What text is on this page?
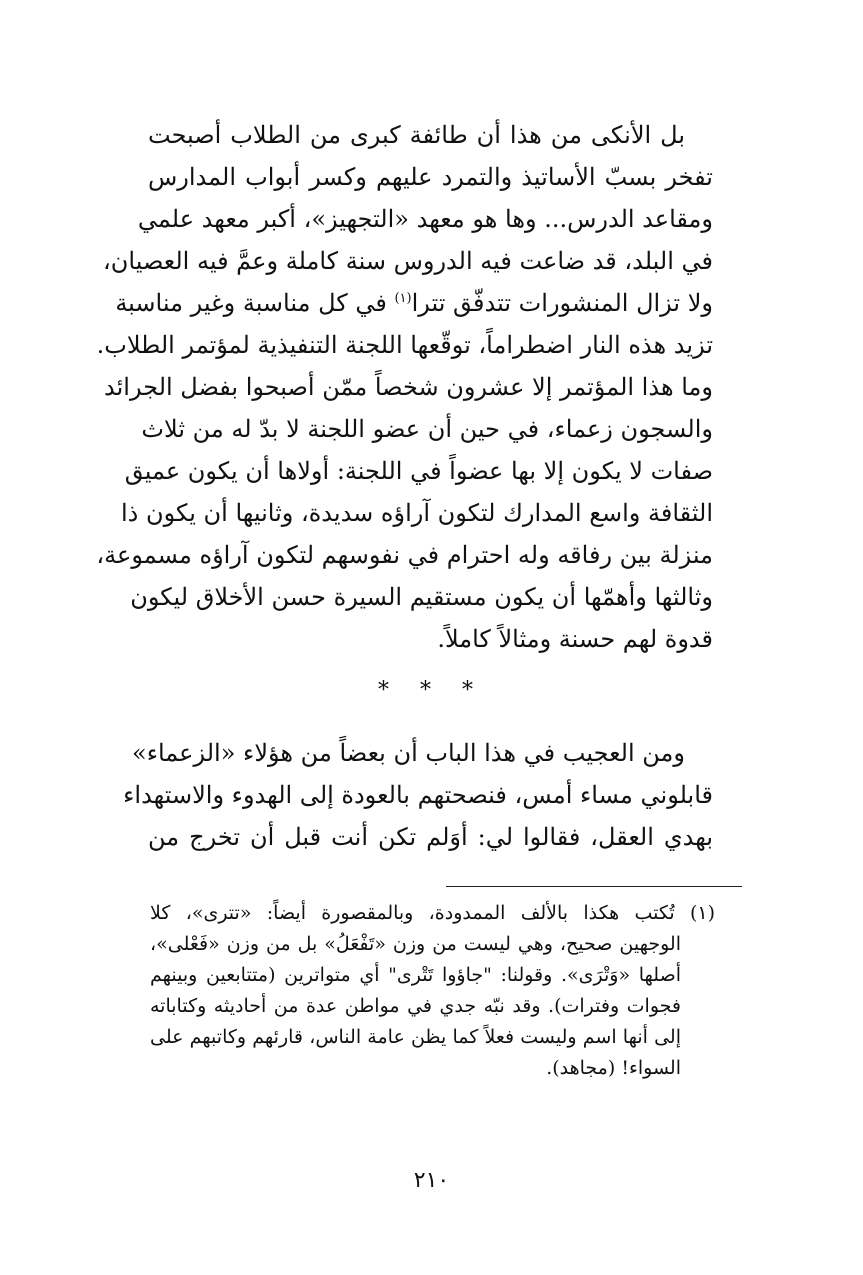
بل الأنكى من هذا أن طائفة كبرى من الطلاب أصبحت
تفخر بسبّ الأساتيذ والتمرد عليهم وكسر أبواب المدارس
ومقاعد الدرس... وها هو معهد «التجهيز»، أكبر معهد علمي
في البلد، قد ضاعت فيه الدروس سنة كاملة وعمَّ فيه العصيان،
ولا تزال المنشورات تتدفّق تترا$^{(١)}$ في كل مناسبة وغير مناسبة
تزيد هذه النار اضطراماً، توقّعها اللجنة التنفيذية لمؤتمر الطلاب.
وما هذا المؤتمر إلا عشرون شخصاً ممّن أصبحوا بفضل الجرائد
والسجون زعماء، في حين أن عضو اللجنة لا بدّ له من ثلاث
صفات لا يكون إلا بها عضواً في اللجنة: أولاها أن يكون عميق
الثقافة واسع المدارك لتكون آراؤه سديدة، وثانيها أن يكون ذا
منزلة بين رفاقه وله احترام في نفوسهم لتكون آراؤه مسموعة،
وثالثها وأهمّها أن يكون مستقيم السيرة حسن الأخلاق ليكون
قدوة لهم حسنة ومثالاً كاملاً.
* * *
ومن العجيب في هذا الباب أن بعضاً من هؤلاء «الزعماء»
قابلوني مساء أمس، فنصحتهم بالعودة إلى الهدوء والاستهداء
بهدي العقل، فقالوا لي: أوَلم تكن أنت قبل أن تخرج من
(١) تُكتب هكذا بالألف الممدودة، وبالمقصورة أيضاً: «تترى»، كلا
الوجهين صحيح، وهي ليست من وزن «تَفْعَلُ» بل من وزن «فَعْلى»،
أصلها «وَتْرَى». وقولنا: "جاؤوا تَتْرى" أي متواترين (متتابعين وبينهم
فجوات وفترات). وقد نبّه جدي في مواطن عدة من أحاديثه وكتاباته
إلى أنها اسم وليست فعلاً كما يظن عامة الناس، قارئهم وكاتبهم على
السواء! (مجاهد).
٢١٠
